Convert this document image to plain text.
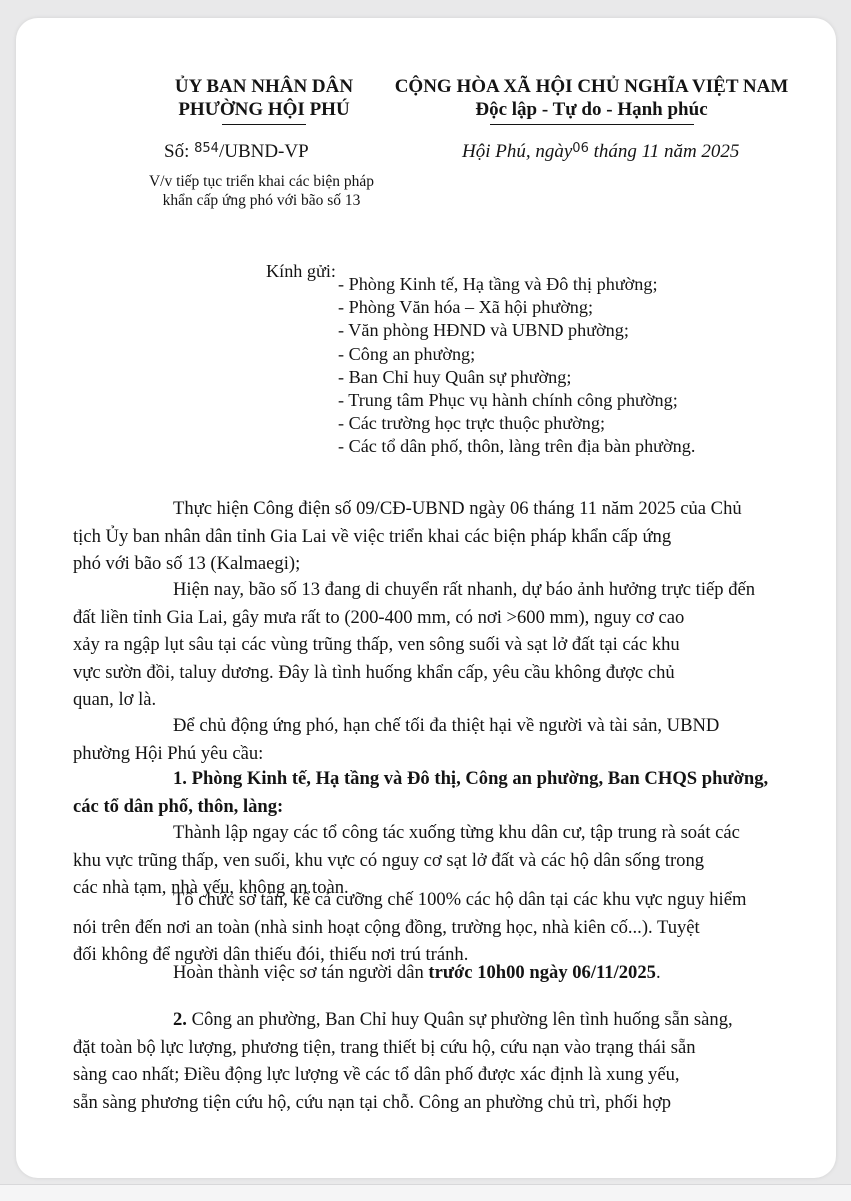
ỦY BAN NHÂN DÂN
PHƯỜNG HỘI PHÚ
Số: $^{854}$/UBND-VP
V/v tiếp tục triển khai các biện pháp
khẩn cấp ứng phó với bão số 13
CỘNG HÒA XÃ HỘI CHỦ NGHĨA VIỆT NAM
Độc lập - Tự do - Hạnh phúc
Hội Phú, ngày$^{06}$ tháng 11 năm 2025
Kính gửi:
- Phòng Kinh tế, Hạ tầng và Đô thị phường;
- Phòng Văn hóa – Xã hội phường;
- Văn phòng HĐND và UBND phường;
- Công an phường;
- Ban Chỉ huy Quân sự phường;
- Trung tâm Phục vụ hành chính công phường;
- Các trường học trực thuộc phường;
- Các tổ dân phố, thôn, làng trên địa bàn phường.
Thực hiện Công điện số 09/CĐ-UBND ngày 06 tháng 11 năm 2025 của Chủ
tịch Ủy ban nhân dân tỉnh Gia Lai về việc triển khai các biện pháp khẩn cấp ứng
phó với bão số 13 (Kalmaegi);
Hiện nay, bão số 13 đang di chuyển rất nhanh, dự báo ảnh hưởng trực tiếp đến
đất liền tỉnh Gia Lai, gây mưa rất to (200-400 mm, có nơi >600 mm), nguy cơ cao
xảy ra ngập lụt sâu tại các vùng trũng thấp, ven sông suối và sạt lở đất tại các khu
vực sườn đồi, taluy dương. Đây là tình huống khẩn cấp, yêu cầu không được chủ
quan, lơ là.
Để chủ động ứng phó, hạn chế tối đa thiệt hại về người và tài sản, UBND
phường Hội Phú yêu cầu:
1. Phòng Kinh tế, Hạ tầng và Đô thị, Công an phường, Ban CHQS phường,
các tổ dân phố, thôn, làng:
Thành lập ngay các tổ công tác xuống từng khu dân cư, tập trung rà soát các
khu vực trũng thấp, ven suối, khu vực có nguy cơ sạt lở đất và các hộ dân sống trong
các nhà tạm, nhà yếu, không an toàn.
Tổ chức sơ tán, kể cả cưỡng chế 100% các hộ dân tại các khu vực nguy hiểm
nói trên đến nơi an toàn (nhà sinh hoạt cộng đồng, trường học, nhà kiên cố...). Tuyệt
đối không để người dân thiếu đói, thiếu nơi trú tránh.
Hoàn thành việc sơ tán người dân trước 10h00 ngày 06/11/2025.
2. Công an phường, Ban Chỉ huy Quân sự phường lên tình huống sẵn sàng,
đặt toàn bộ lực lượng, phương tiện, trang thiết bị cứu hộ, cứu nạn vào trạng thái sẵn
sàng cao nhất; Điều động lực lượng về các tổ dân phố được xác định là xung yếu,
sẵn sàng phương tiện cứu hộ, cứu nạn tại chỗ. Công an phường chủ trì, phối hợp
